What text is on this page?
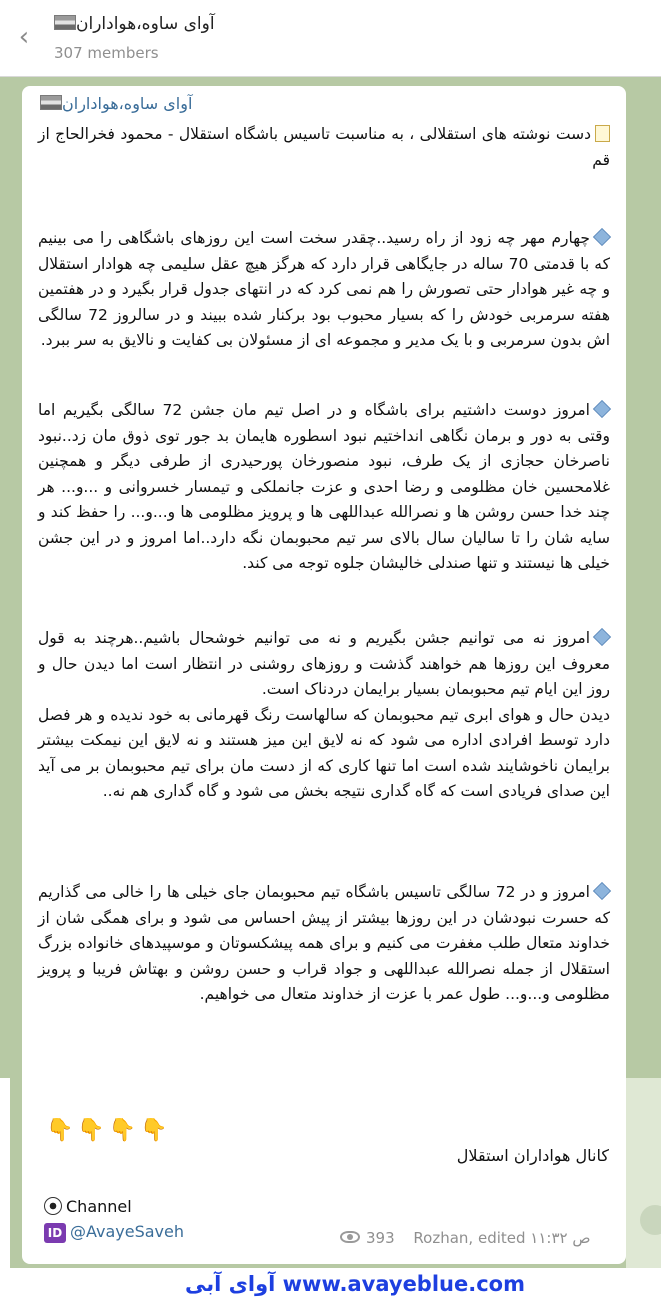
‹	آوای ساوه،هواداران
307 members
آوای ساوه،هواداران

دست نوشته های استقلالی ، به مناسبت تاسیس باشگاه استقلال - محمود فخرالحاج از قم

چهارم مهر چه زود از راه رسید..چقدر سخت است این روزهای باشگاهی را می بینیم که با قدمتی 70 ساله در جایگاهی قرار دارد که هرگز هیچ عقل سلیمی چه هوادار استقلال و چه غیر هوادار حتی تصورش را هم نمی کرد که در انتهای جدول قرار بگیرد و در هفتمین هفته سرمربی خودش را که بسیار محبوب بود برکنار شده ببیند و در سالروز 72 سالگی اش بدون سرمربی و با یک مدیر و مجموعه ای از مسئولان بی کفایت و نالایق به سر ببرد.

امروز دوست داشتیم برای باشگاه و در اصل تیم مان جشن 72 سالگی بگیریم اما وقتی به دور و برمان نگاهی انداختیم نبود اسطوره هایمان بد جور توی ذوق مان زد..نبود ناصرخان حجازی از یک طرف، نبود منصورخان پورحیدری از طرفی دیگر و همچنین غلامحسین خان مظلومی و رضا احدی و عزت جانملکی و تیمسار خسروانی و ...و... هر چند خدا حسن روشن ها و نصرالله عبداللهی ها و پرویز مظلومی ها و...و... را حفظ کند و سایه شان را تا سالیان سال بالای سر تیم محبوبمان نگه دارد..اما امروز و در این جشن خیلی ها نیستند و تنها صندلی خالیشان جلوه توجه می کند.

امروز نه می توانیم جشن بگیریم و نه می توانیم خوشحال باشیم..هرچند به قول معروف این روزها هم خواهند گذشت و روزهای روشنی در انتظار است اما دیدن حال و روز این ایام تیم محبوبمان بسیار برایمان دردناک است.

دیدن حال و هوای ابری تیم محبوبمان که سالهاست رنگ قهرمانی به خود ندیده و هر فصل دارد توسط افرادی اداره می شود که نه لایق این میز هستند و نه لایق این نیمکت بیشتر برایمان ناخوشایند شده است اما تنها کاری که از دست مان برای تیم محبوبمان بر می آید این صدای فریادی است که گاه گداری نتیجه بخش می شود و گاه گداری هم نه..

امروز و در 72 سالگی تاسیس باشگاه تیم محبوبمان جای خیلی ها را خالی می گذاریم که حسرت نبودشان در این روزها بیشتر از پیش احساس می شود و برای همگی شان از خداوند متعال طلب مغفرت می کنیم و برای همه پیشکسوتان و موسپیدهای خانواده بزرگ استقلال از جمله نصرالله عبداللهی و جواد قراب و حسن روشن و بهتاش فریبا و پرویز مظلومی و...و... طول عمر با عزت از خداوند متعال می خواهیم.

👇👇👇👇
کانال هواداران استقلال
Channel
ID @AvayeSaveh	393 Rozhan, edited ۱۱:۳۲ ص
آوای آبی www.avayeblue.com
